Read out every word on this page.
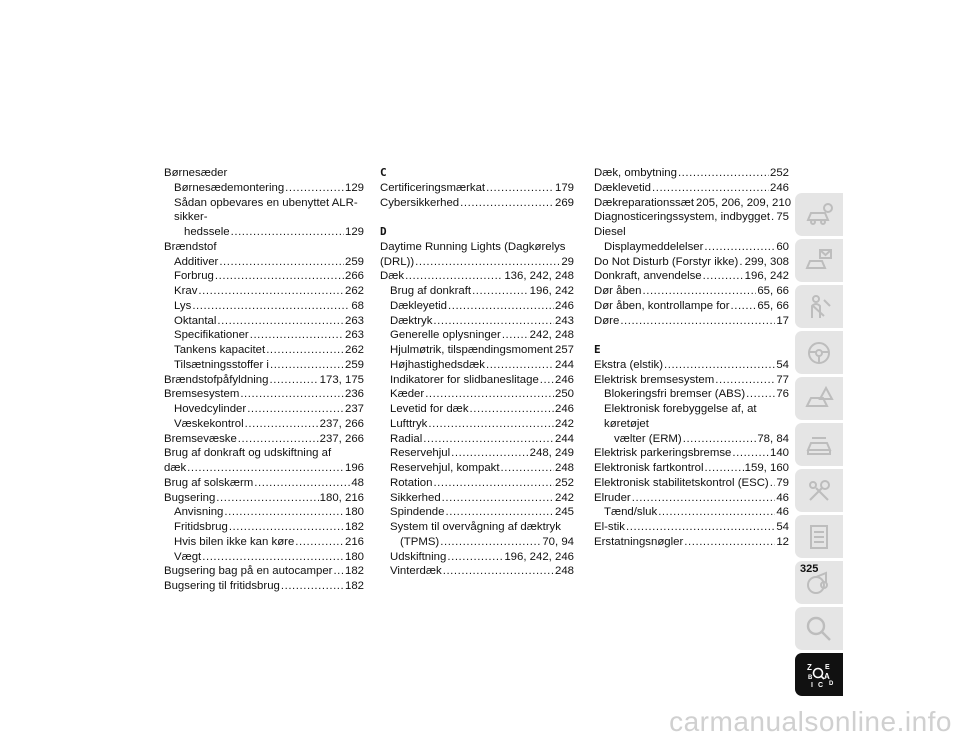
Børnesæder
Børnesædemontering . . .	129
Sådan opbevares en ubenyttet ALR-sikker-
hedssele . . .	129
Brændstof
Additiver . . .	259
Forbrug . . .	266
Krav . . .	262
Lys . . .	68
Oktantal . . .	263
Specifikationer . . .	263
Tankens kapacitet . . .	262
Tilsætningsstoffer i . . .	259
Brændstofpåfyldning . . .	173, 175
Bremsesystem . . .	236
Hovedcylinder . . .	237
Væskekontrol . . .	237, 266
Bremsevæske . . .	237, 266
Brug af donkraft og udskiftning af
dæk . . .	196
Brug af solskærm . . .	48
Bugsering . . .	180, 216
Anvisning . . .	180
Fritidsbrug . . .	182
Hvis bilen ikke kan køre . . .	216
Vægt . . .	180
Bugsering bag på en autocamper . . . 182
Bugsering til fritidsbrug . . .	182
C
Certificeringsmærkat . . .	179
Cybersikkerhed . . .	269
D
Daytime Running Lights (Dagkørelys
(DRL)) . . .	29
Dæk . . .	136, 242, 248
Brug af donkraft . . .	196, 242
Dækleyetid . . .	246
Dæktryk . . .	243
Generelle oplysninger . . .	242, 248
Hjulmøtrik, tilspændingsmoment . . . 257
Højhastighedsdæk . . .	244
Indikatorer for slidbaneslitage . . . 246
Kæder . . .	250
Levetid for dæk . . .	246
Lufttryk . . .	242
Radial . . .	244
Reservehjul . . .	248, 249
Reservehjul, kompakt . . .	248
Rotation . . .	252
Sikkerhed . . .	242
Spindende . . .	245
System til overvågning af dæktryk
(TPMS) . . .	70, 94
Udskiftning . . .	196, 242, 246
Vinterdæk . . .	248
Dæk, ombytning . . .	252
Dæklevetid . . .	246
Dækreparationssæt 205, 206, 209, 210
Diagnosticeringssystem, indbygget . . . 75
Diesel
Displaymeddelelser . . .	60
Do Not Disturb (Forstyr ikke) . . . 299, 308
Donkraft, anvendelse . . .	196, 242
Dør åben . . .	65, 66
Dør åben, kontrollampe for . . . 65, 66
Døre . . .	17
E
Ekstra (elstik) . . .	54
Elektrisk bremsesystem . . .	77
Blokeringsfri bremser (ABS) . . .	76
Elektronisk forebyggelse af, at køretøjet
vælter (ERM) . . .	78, 84
Elektrisk parkeringsbremse . . .	140
Elektronisk fartkontrol . . .	159, 160
Elektronisk stabilitetskontrol (ESC) . . . 79
Elruder . . .	46
Tænd/sluk . . .	46
El-stik . . .	54
Erstatningsnøgler . . .	12
Z E
B A
C D
I
325
carmanualsonline.info
